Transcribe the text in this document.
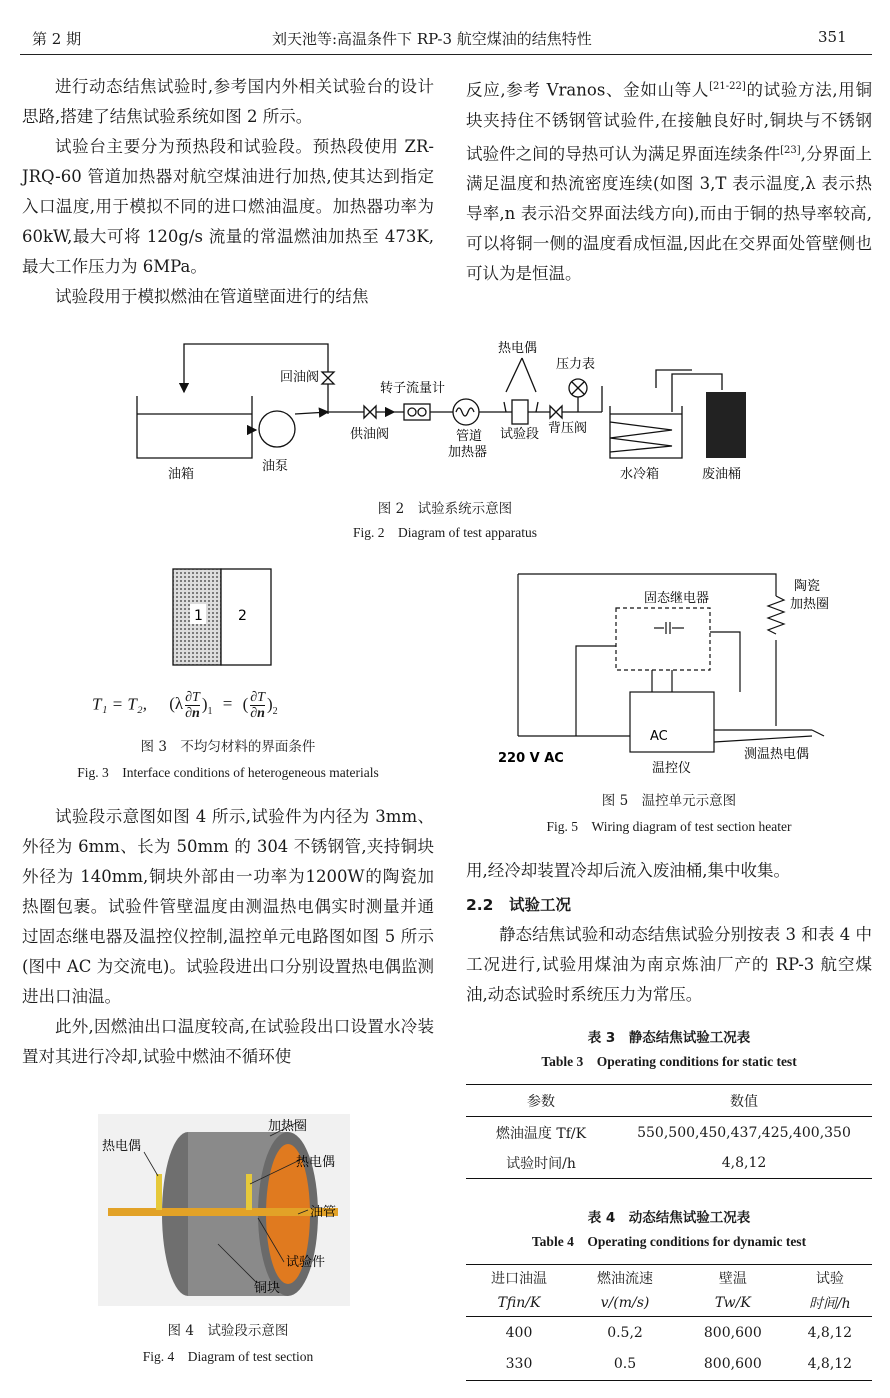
第 2 期	刘天池等:高温条件下 RP-3 航空煤油的结焦特性	351

进行动态结焦试验时,参考国内外相关试验台的设计思路,搭建了结焦试验系统如图 2 所示。

试验台主要分为预热段和试验段。预热段使用 ZR-JRQ-60 管道加热器对航空煤油进行加热,使其达到指定入口温度,用于模拟不同的进口燃油温度。加热器功率为 60kW,最大可将 120g/s 流量的常温燃油加热至 473K,最大工作压力为 6MPa。

试验段用于模拟燃油在管道壁面进行的结焦

反应,参考 Vranos、金如山等人[21-22]的试验方法,用铜块夹持住不锈钢管试验件,在接触良好时,铜块与不锈钢试验件之间的导热可认为满足界面连续条件[23],分界面上满足温度和热流密度连续(如图 3,T 表示温度,λ 表示热导率,n 表示沿交界面法线方向),而由于铜的热导率较高,可以将铜一侧的温度看成恒温,因此在交界面处管壁侧也可认为是恒温。

油箱
油泵
回油阀
供油阀
转子流量计
管道
加热器
热电偶
试验段
压力表
背压阀
水冷箱	废油桶
图 2　试验系统示意图
Fig. 2　Diagram of test apparatus
1	2
T₁ = T₂, $(\lambda \frac{\partial T}{\partial n} )_1$ = ( $\frac{\partial T}{\partial n} )_2$
图 3　不均匀材料的界面条件
Fig. 3　Interface conditions of heterogeneous materials
固态继电器
陶瓷
加热圈
AC
220 V AC
温控仪
测温热电偶
图 5　温控单元示意图
Fig. 5　Wiring diagram of test section heater

试验段示意图如图 4 所示,试验件为内径为 3mm、外径为 6mm、长为 50mm 的 304 不锈钢管,夹持铜块外径为 140mm,铜块外部由一功率为1200W的陶瓷加热圈包裹。试验件管壁温度由测温热电偶实时测量并通过固态继电器及温控仪控制,温控单元电路图如图 5 所示(图中 AC 为交流电)。试验段进出口分别设置热电偶监测进出口油温。

此外,因燃油出口温度较高,在试验段出口设置水冷装置对其进行冷却,试验中燃油不循环使

加热圈
热电偶
热电偶
油管
试验件
铜块
图 4　试验段示意图
Fig. 4　Diagram of test section

用,经冷却装置冷却后流入废油桶,集中收集。

2.2　试验工况

静态结焦试验和动态结焦试验分别按表 3 和表 4 中工况进行,试验用煤油为南京炼油厂产的 RP-3 航空煤油,动态试验时系统压力为常压。

表 3　静态结焦试验工况表
Table 3　Operating conditions for static test
参数	数值
燃油温度 Tf/K	550,500,450,437,425,400,350
试验时间/h	4,8,12
表 4　动态结焦试验工况表
Table 4　Operating conditions for dynamic test
进口油温	燃油流速	壁温	试验
Tfin/K	v/(m/s)	Tw/K	时间/h
400	0.5,2	800,600	4,8,12
330	0.5	800,600	4,8,12
